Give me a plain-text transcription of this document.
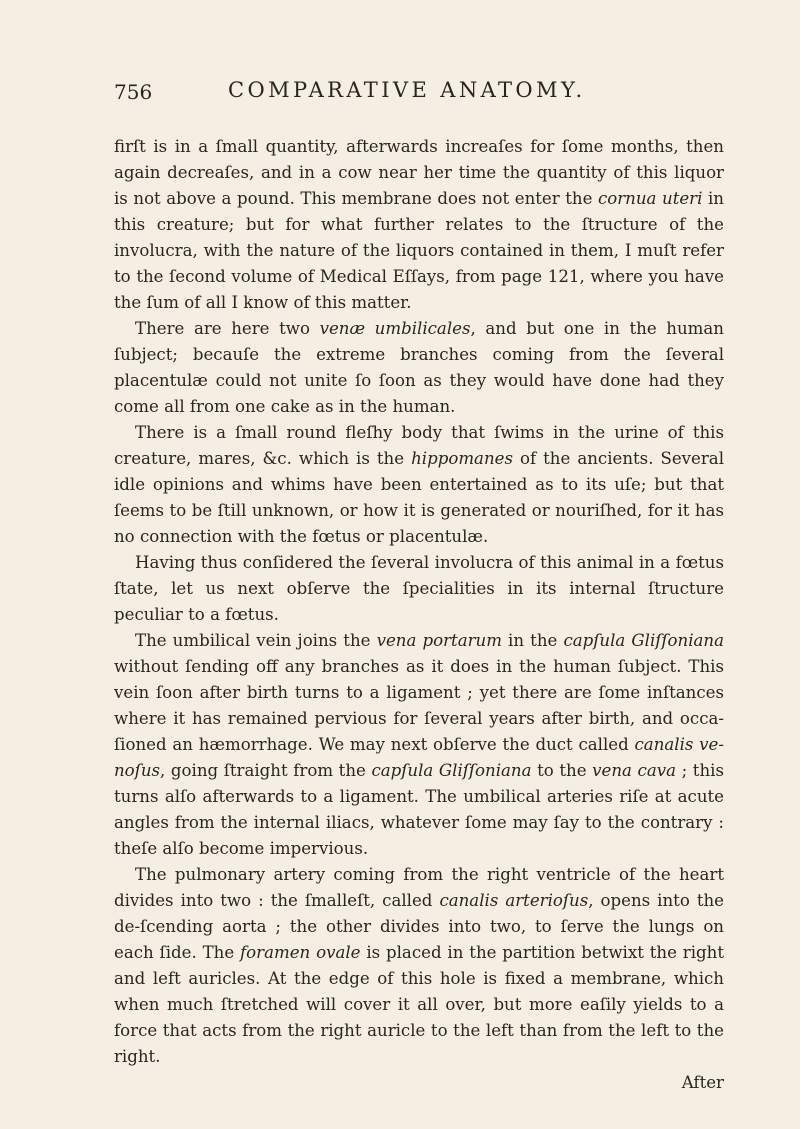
756	COMPARATIVE ANATOMY.

firſt is in a ſmall quantity, afterwards increaſes for ſome months, then again decreaſes, and in a cow near her time the quantity of this liquor is not above a pound. This membrane does not enter the cornua uteri in this creature; but for what further relates to the ſtructure of the involucra, with the nature of the liquors contained in them, I muſt refer to the ſecond volume of Medical Eſſays, from page 121, where you have the ſum of all I know of this matter.

There are here two venæ umbilicales, and but one in the human ſubject; becauſe the extreme branches coming from the ſeveral placentulæ could not unite ſo ſoon as they would have done had they come all from one cake as in the human.

There is a ſmall round fleſhy body that ſwims in the urine of this creature, mares, &c. which is the hippomanes of the ancients. Several idle opinions and whims have been entertained as to its uſe; but that ſeems to be ſtill unknown, or how it is generated or nouriſhed, for it has no connection with the fœtus or placentulæ.

Having thus conſidered the ſeveral involucra of this animal in a fœtus ſtate, let us next obſerve the ſpecialities in its internal ſtructure peculiar to a fœtus.

The umbilical vein joins the vena portarum in the capſula Gliſſoniana without ſending off any branches as it does in the human ſubject. This vein ſoon after birth turns to a ligament ; yet there are ſome inſtances where it has remained pervious for ſeveral years after birth, and occa-ſioned an hæmorrhage. We may next obſerve the duct called canalis ve-noſus, going ſtraight from the capſula Gliſſoniana to the vena cava ; this turns alſo afterwards to a ligament. The umbilical arteries riſe at acute angles from the internal iliacs, whatever ſome may ſay to the contrary : theſe alſo become impervious.

The pulmonary artery coming from the right ventricle of the heart divides into two : the ſmalleſt, called canalis arterioſus, opens into the de-ſcending aorta ; the other divides into two, to ſerve the lungs on each ſide. The foramen ovale is placed in the partition betwixt the right and left auricles. At the edge of this hole is fixed a membrane, which when much ſtretched will cover it all over, but more eaſily yields to a force that acts from the right auricle to the left than from the left to the right.

After
